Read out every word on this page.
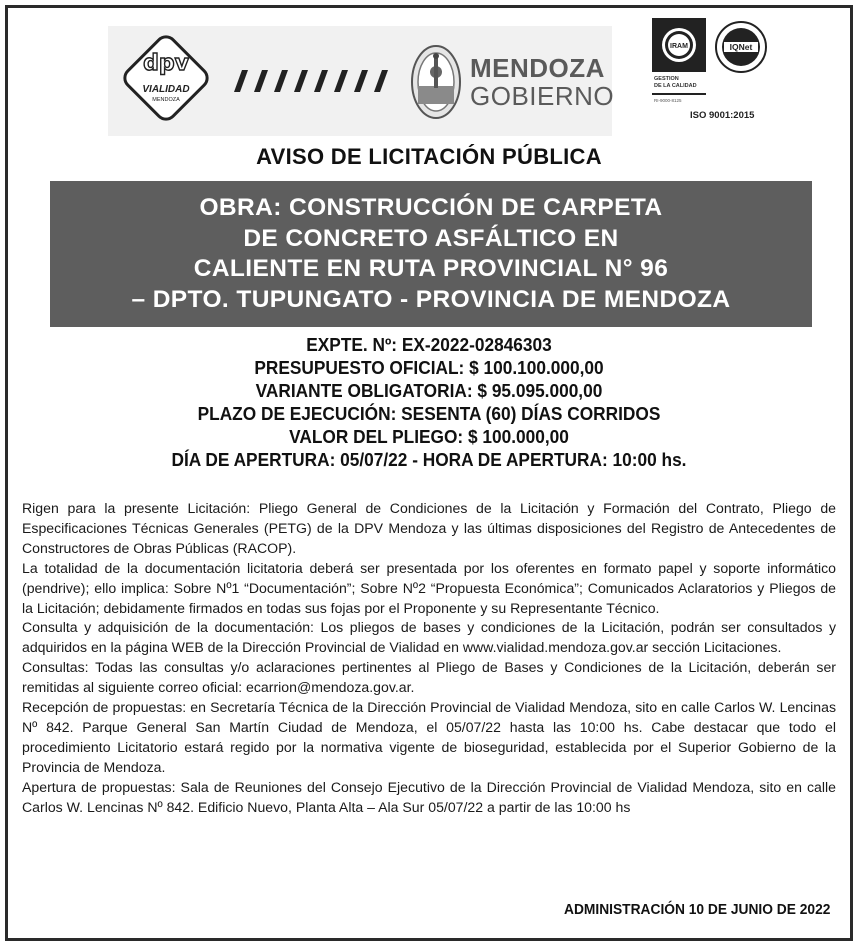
dpv
VIALIDAD
MENDOZA
MENDOZA
GOBIERNO
IRAM	IQNet
GESTION
DE LA CALIDAD
RI-9000-8125
ISO 9001:2015
AVISO DE LICITACIÓN PÚBLICA
OBRA: CONSTRUCCIÓN DE CARPETA
DE CONCRETO ASFÁLTICO EN
CALIENTE EN RUTA PROVINCIAL N° 96
– DPTO. TUPUNGATO - PROVINCIA DE MENDOZA
EXPTE. Nº: EX-2022-02846303
PRESUPUESTO OFICIAL: $ 100.100.000,00
VARIANTE OBLIGATORIA: $ 95.095.000,00
PLAZO DE EJECUCIÓN: SESENTA (60) DÍAS CORRIDOS
VALOR DEL PLIEGO: $ 100.000,00
DÍA DE APERTURA: 05/07/22 - HORA DE APERTURA: 10:00 hs.

Rigen para la presente Licitación: Pliego General de Condiciones de la Licitación y Formación del Contrato, Pliego de Especificaciones Técnicas Generales (PETG) de la DPV Mendoza y las últimas disposiciones del Registro de Antecedentes de Constructores de Obras Públicas (RACOP).

La totalidad de la documentación licitatoria deberá ser presentada por los oferentes en formato papel y soporte informático (pendrive); ello implica: Sobre Nº1 “Documentación”; Sobre Nº2 “Propuesta Económica”; Comunicados Aclaratorios y Pliegos de la Licitación; debidamente firmados en todas sus fojas por el Proponente y su Representante Técnico.

Consulta y adquisición de la documentación: Los pliegos de bases y condiciones de la Licitación, podrán ser consultados y adquiridos en la página WEB de la Dirección Provincial de Vialidad en www.vialidad.mendoza.gov.ar sección Licitaciones.

Consultas: Todas las consultas y/o aclaraciones pertinentes al Pliego de Bases y Condiciones de la Licitación, deberán ser remitidas al siguiente correo oficial: ecarrion@mendoza.gov.ar.

Recepción de propuestas: en Secretaría Técnica de la Dirección Provincial de Vialidad Mendoza, sito en calle Carlos W. Lencinas Nº 842. Parque General San Martín Ciudad de Mendoza, el 05/07/22 hasta las 10:00 hs. Cabe destacar que todo el procedimiento Licitatorio estará regido por la normativa vigente de bioseguridad, establecida por el Superior Gobierno de la Provincia de Mendoza.

Apertura de propuestas: Sala de Reuniones del Consejo Ejecutivo de la Dirección Provincial de Vialidad Mendoza, sito en calle Carlos W. Lencinas Nº 842. Edificio Nuevo, Planta Alta – Ala Sur 05/07/22 a partir de las 10:00 hs

ADMINISTRACIÓN 10 DE JUNIO DE 2022
